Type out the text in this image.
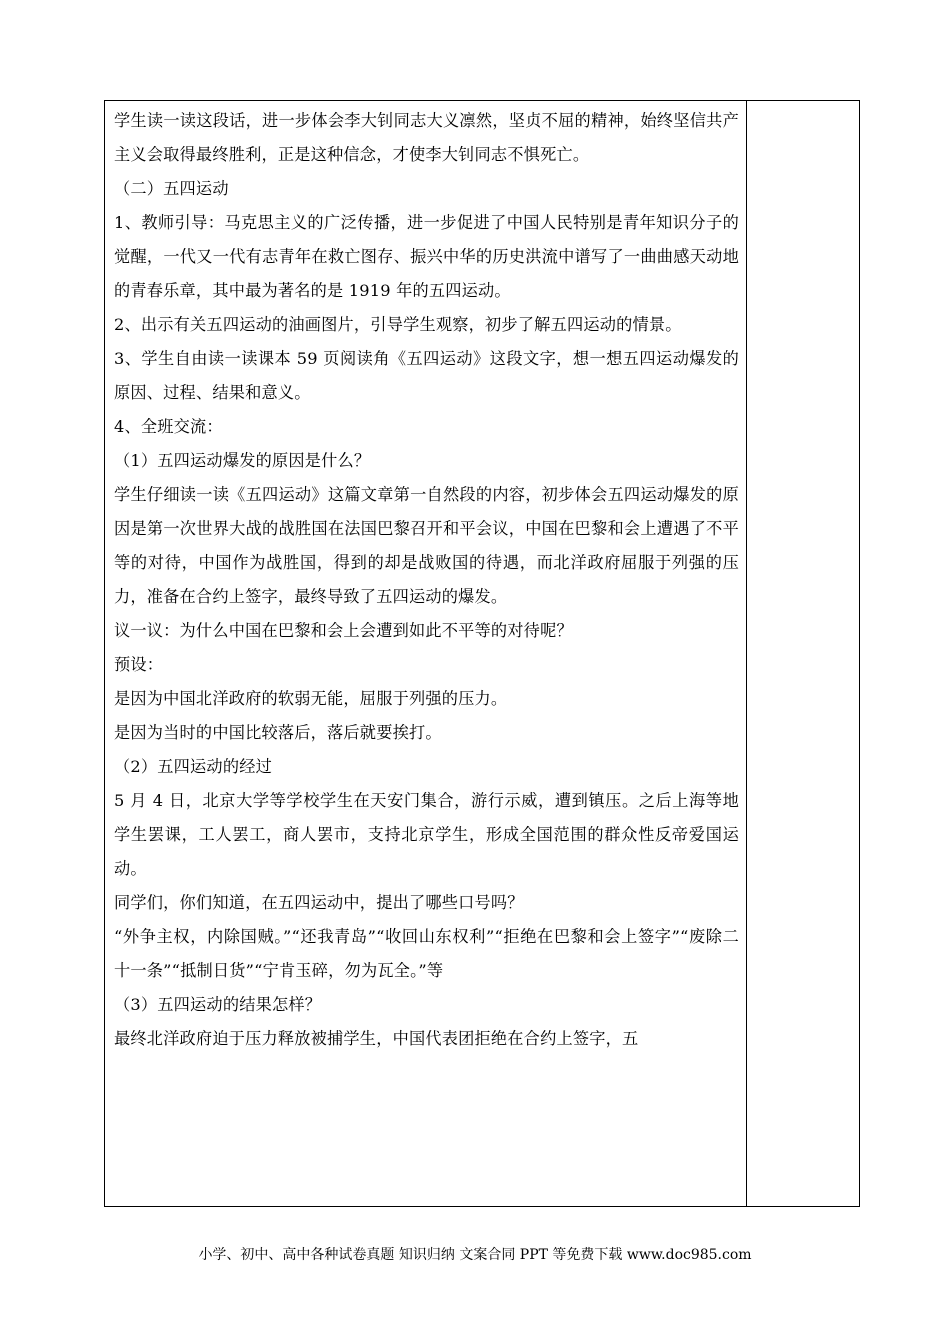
学生读一读这段话，进一步体会李大钊同志大义凛然，坚贞不屈的精神，始终坚信共产主义会取得最终胜利，正是这种信念，才使李大钊同志不惧死亡。

（二）五四运动

1、教师引导：马克思主义的广泛传播，进一步促进了中国人民特别是青年知识分子的觉醒，一代又一代有志青年在救亡图存、振兴中华的历史洪流中谱写了一曲曲感天动地的青春乐章，其中最为著名的是 1919 年的五四运动。

2、出示有关五四运动的油画图片，引导学生观察，初步了解五四运动的情景。

3、学生自由读一读课本 59 页阅读角《五四运动》这段文字，想一想五四运动爆发的原因、过程、结果和意义。

4、全班交流：

（1）五四运动爆发的原因是什么？

学生仔细读一读《五四运动》这篇文章第一自然段的内容，初步体会五四运动爆发的原因是第一次世界大战的战胜国在法国巴黎召开和平会议，中国在巴黎和会上遭遇了不平等的对待，中国作为战胜国，得到的却是战败国的待遇，而北洋政府屈服于列强的压力，准备在合约上签字，最终导致了五四运动的爆发。

议一议：为什么中国在巴黎和会上会遭到如此不平等的对待呢？

预设：

是因为中国北洋政府的软弱无能，屈服于列强的压力。

是因为当时的中国比较落后，落后就要挨打。

（2）五四运动的经过

5 月 4 日，北京大学等学校学生在天安门集合，游行示威，遭到镇压。之后上海等地学生罢课，工人罢工，商人罢市，支持北京学生，形成全国范围的群众性反帝爱国运动。

同学们，你们知道，在五四运动中，提出了哪些口号吗？

“外争主权，内除国贼。”“还我青岛”“收回山东权利”“拒绝在巴黎和会上签字”“废除二十一条”“抵制日货”“宁肯玉碎，勿为瓦全。”等

（3）五四运动的结果怎样？

最终北洋政府迫于压力释放被捕学生，中国代表团拒绝在合约上签字，五

小学、初中、高中各种试卷真题 知识归纳 文案合同 PPT 等免费下载 www.doc985.com
